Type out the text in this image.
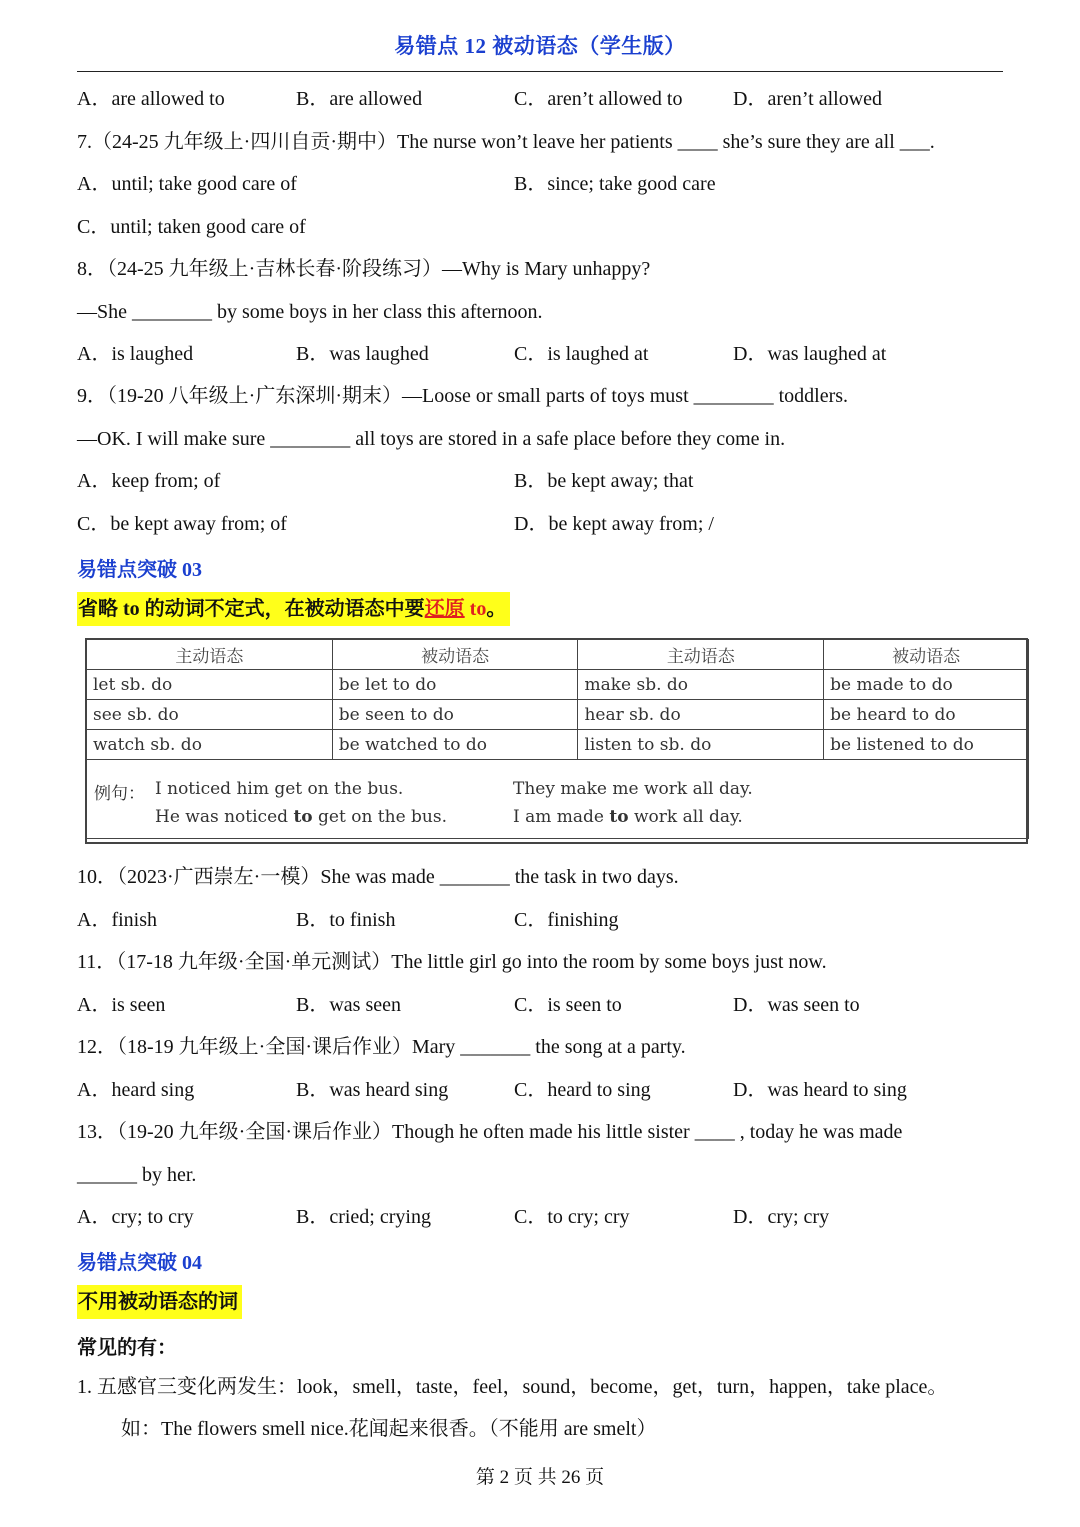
易错点 12 被动语态（学生版）
A．are allowed to	B．are allowed	C．aren’t allowed to	D．aren’t allowed
7.（24-25 九年级上·四川自贡·期中）The nurse won’t leave her patients ____ she’s sure they are all ___.
A．until; take good care of	B．since; take good care
C．until; taken good care of
8．（24-25 九年级上·吉林长春·阶段练习）—Why is Mary unhappy?
—She ________ by some boys in her class this afternoon.
A．is laughed	B．was laughed	C．is laughed at	D．was laughed at
9．（19-20 八年级上·广东深圳·期末）—Loose or small parts of toys must ________ toddlers.
—OK. I will make sure ________ all toys are stored in a safe place before they come in.
A．keep from; of	B．be kept away; that
C．be kept away from; of	D．be kept away from; /
易错点突破 03
省略 to 的动词不定式，在被动语态中要还原 to。
主动语态	被动语态	主动语态	被动语态
let sb. do	be let to do	make sb. do	be made to do
see sb. do	be seen to do	hear sb. do	be heard to do
watch sb. do	be watched to do	listen to sb. do	be listened to do

例句： I noticed him get on the bus.
He was noticed to get on the bus.
They make me work all day.
I am made to work all day.
10．（2023·广西崇左·一模）She was made _______ the task in two days.
A．finish	B．to finish	C．finishing
11．（17-18 九年级·全国·单元测试）The little girl go into the room by some boys just now.
A．is seen	B．was seen	C．is seen to	D．was seen to
12．（18-19 九年级上·全国·课后作业）Mary _______ the song at a party.
A．heard sing	B．was heard sing	C．heard to sing	D．was heard to sing
13．（19-20 九年级·全国·课后作业）Though he often made his little sister ____ , today he was made
______ by her.
A．cry; to cry	B．cried; crying	C．to cry; cry	D．cry; cry
易错点突破 04
不用被动语态的词
常见的有：
1. 五感官三变化两发生：look，smell，taste，feel，sound，become，get，turn，happen，take place。
如：The flowers smell nice.花闻起来很香。（不能用 are smelt）
第 2 页 共 26 页
